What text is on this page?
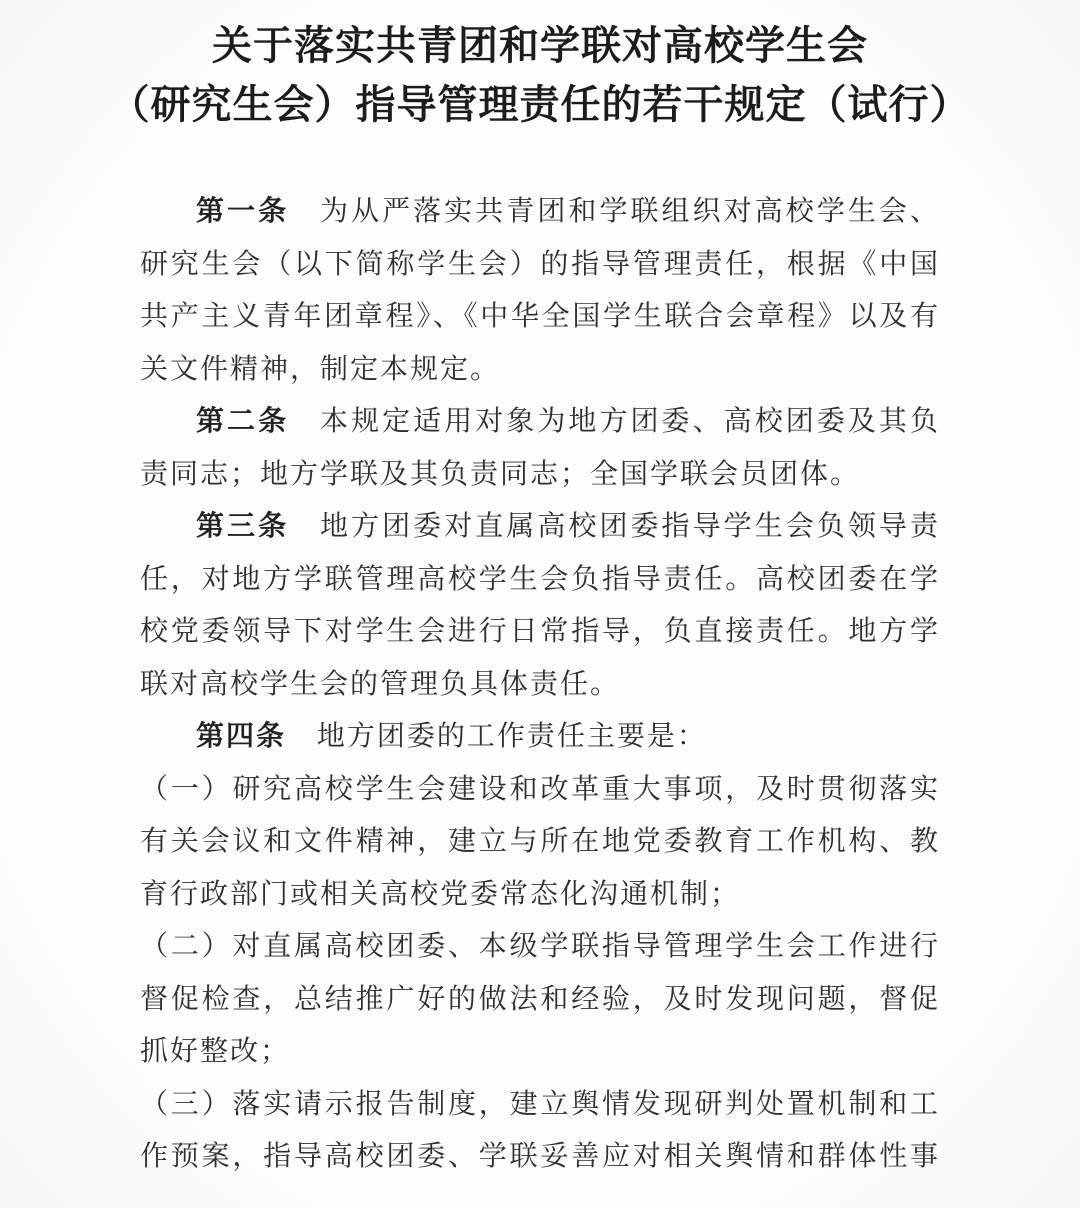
关于落实共青团和学联对高校学生会
（研究生会）指导管理责任的若干规定（试行）

第一条 为从严落实共青团和学联组织对高校学生会、研究生会（以下简称学生会）的指导管理责任，根据《中国共产主义青年团章程》、《中华全国学生联合会章程》以及有关文件精神，制定本规定。

第二条 本规定适用对象为地方团委、高校团委及其负责同志；地方学联及其负责同志；全国学联会员团体。

第三条 地方团委对直属高校团委指导学生会负领导责任，对地方学联管理高校学生会负指导责任。高校团委在学校党委领导下对学生会进行日常指导，负直接责任。地方学联对高校学生会的管理负具体责任。

第四条 地方团委的工作责任主要是：

（一）研究高校学生会建设和改革重大事项，及时贯彻落实有关会议和文件精神，建立与所在地党委教育工作机构、教育行政部门或相关高校党委常态化沟通机制；

（二）对直属高校团委、本级学联指导管理学生会工作进行督促检查，总结推广好的做法和经验，及时发现问题，督促抓好整改；

（三）落实请示报告制度，建立舆情发现研判处置机制和工作预案，指导高校团委、学联妥善应对相关舆情和群体性事
